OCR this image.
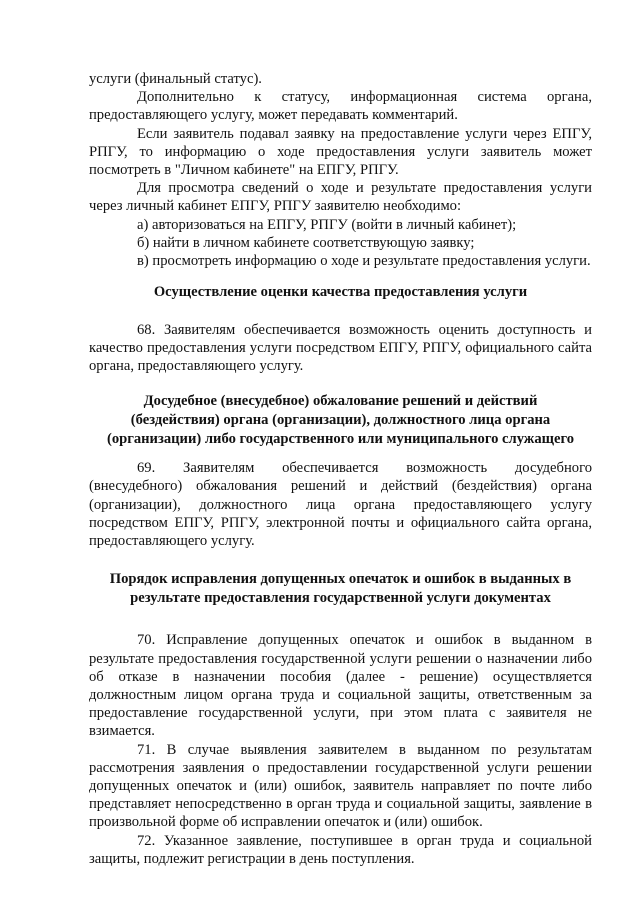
услуги (финальный статус).

Дополнительно к статусу, информационная система органа, предоставляющего услугу, может передавать комментарий.

Если заявитель подавал заявку на предоставление услуги через ЕПГУ, РПГУ, то информацию о ходе предоставления услуги заявитель может посмотреть в "Личном кабинете" на ЕПГУ, РПГУ.

Для просмотра сведений о ходе и результате предоставления услуги через личный кабинет ЕПГУ, РПГУ заявителю необходимо:

а) авторизоваться на ЕПГУ, РПГУ (войти в личный кабинет);

б) найти в личном кабинете соответствующую заявку;

в) просмотреть информацию о ходе и результате предоставления услуги.

Осуществление оценки качества предоставления услуги

68. Заявителям обеспечивается возможность оценить доступность и качество предоставления услуги посредством ЕПГУ, РПГУ, официального сайта органа, предоставляющего услугу.

Досудебное (внесудебное) обжалование решений и действий

(бездействия) органа (организации), должностного лица органа

(организации) либо государственного или муниципального служащего

69. Заявителям обеспечивается возможность досудебного (внесудебного) обжалования решений и действий (бездействия) органа (организации), должностного лица органа предоставляющего услугу посредством ЕПГУ, РПГУ, электронной почты и официального сайта органа, предоставляющего услугу.

Порядок исправления допущенных опечаток и ошибок в выданных в

результате предоставления государственной услуги документах

70. Исправление допущенных опечаток и ошибок в выданном в результате предоставления государственной услуги решении о назначении либо об отказе в назначении пособия (далее - решение) осуществляется должностным лицом органа труда и социальной защиты, ответственным за предоставление государственной услуги, при этом плата с заявителя не взимается.

71. В случае выявления заявителем в выданном по результатам рассмотрения заявления о предоставлении государственной услуги решении допущенных опечаток и (или) ошибок, заявитель направляет по почте либо представляет непосредственно в орган труда и социальной защиты, заявление в произвольной форме об исправлении опечаток и (или) ошибок.

72. Указанное заявление, поступившее в орган труда и социальной защиты, подлежит регистрации в день поступления.
